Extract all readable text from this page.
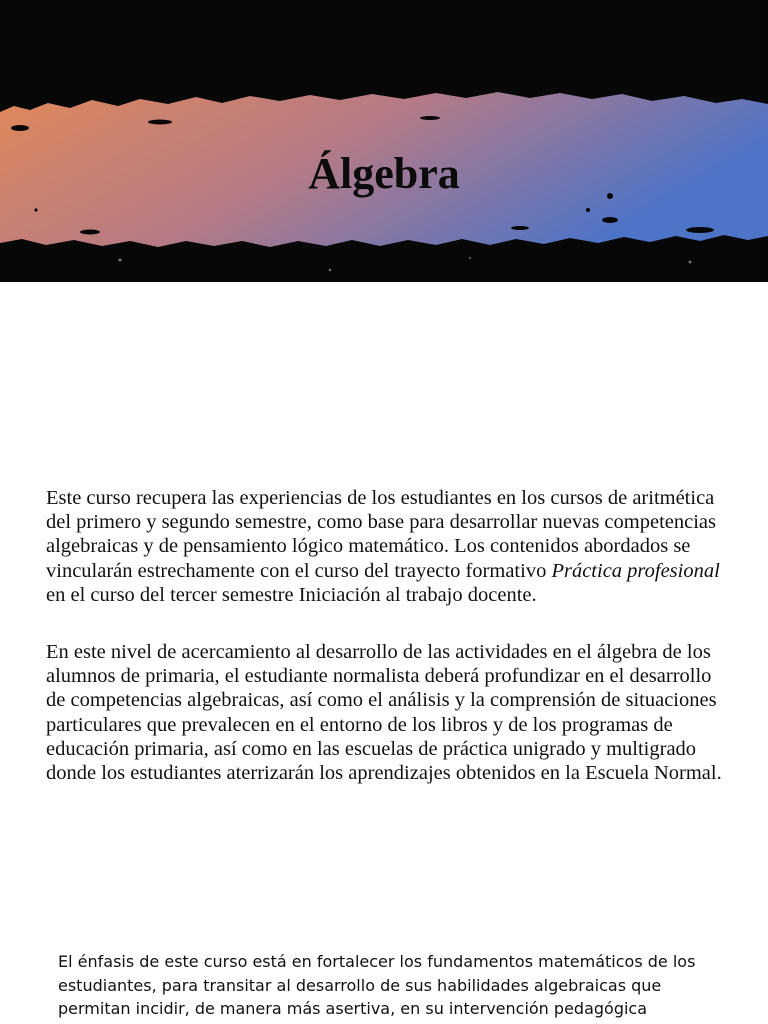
Álgebra

Este curso recupera las experiencias de los estudiantes en los cursos de aritmética del primero y segundo semestre, como base para desarrollar nuevas competencias algebraicas y de pensamiento lógico matemático. Los contenidos abordados se vincularán estrechamente con el curso del trayecto formativo Práctica profesional en el curso del tercer semestre Iniciación al trabajo docente.

En este nivel de acercamiento al desarrollo de las actividades en el álgebra de los alumnos de primaria, el estudiante normalista deberá profundizar en el desarrollo de competencias algebraicas, así como el análisis y la comprensión de situaciones particulares que prevalecen en el entorno de los libros y de los programas de educación primaria, así como en las escuelas de práctica unigrado y multigrado donde los estudiantes aterrizarán los aprendizajes obtenidos en la Escuela Normal.

El énfasis de este curso está en fortalecer los fundamentos matemáticos de los estudiantes, para transitar al desarrollo de sus habilidades algebraicas que permitan incidir, de manera más asertiva, en su intervención pedagógica
